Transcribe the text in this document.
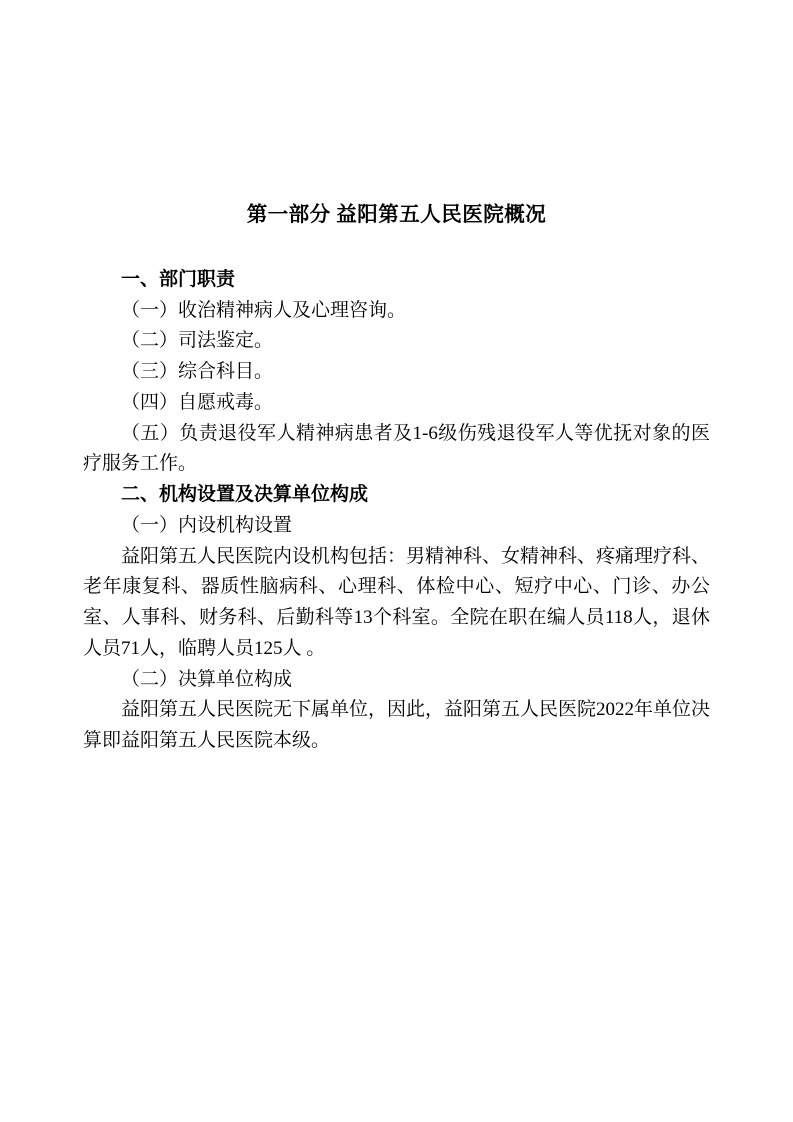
第一部分 益阳第五人民医院概况
一、部门职责

（一）收治精神病人及心理咨询。

（二）司法鉴定。

（三）综合科目。

（四）自愿戒毒。

（五）负责退役军人精神病患者及1-6级伤残退役军人等优抚对象的医疗服务工作。

二、机构设置及决算单位构成

（一）内设机构设置

益阳第五人民医院内设机构包括：男精神科、女精神科、疼痛理疗科、老年康复科、器质性脑病科、心理科、体检中心、短疗中心、门诊、办公室、人事科、财务科、后勤科等13个科室。全院在职在编人员118人，退休人员71人，临聘人员125人 。

（二）决算单位构成

益阳第五人民医院无下属单位，因此，益阳第五人民医院2022年单位决算即益阳第五人民医院本级。
